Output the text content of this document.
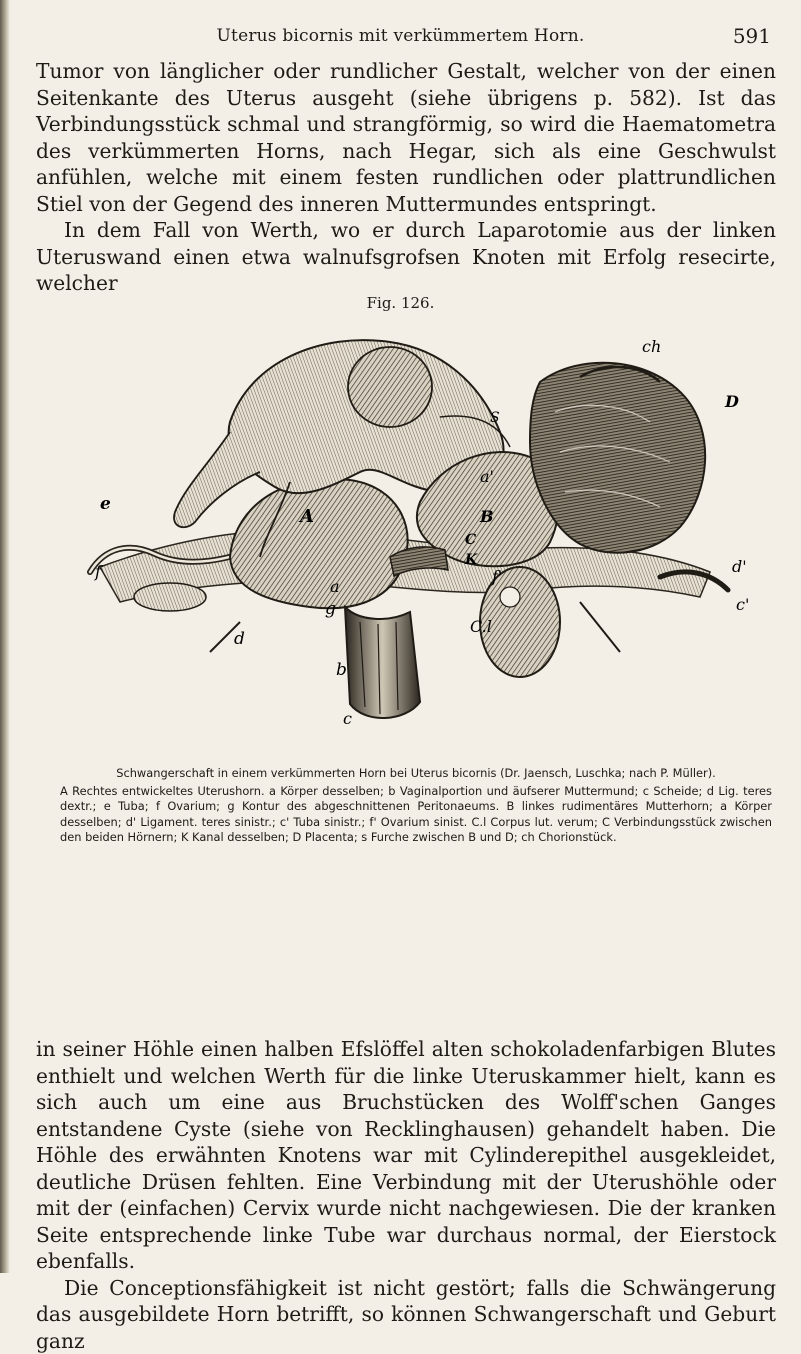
Uterus bicornis mit verkümmertem Horn.	591

Tumor von länglicher oder rundlicher Gestalt, welcher von der einen Seitenkante des Uterus ausgeht (siehe übrigens p. 582). Ist das Verbindungsstück schmal und strangförmig, so wird die Haematometra des verkümmerten Horns, nach Hegar, sich als eine Geschwulst anfühlen, welche mit einem festen rundlichen oder plattrundlichen Stiel von der Gegend des inneren Muttermundes entspringt.

In dem Fall von Werth, wo er durch Laparotomie aus der linken Uteruswand einen etwa walnufsgrofsen Knoten mit Erfolg resecirte, welcher

Fig. 126.
ch
D
S
a'
B
A
e
C
K
f	d'
f'
c'
a
g
d
C.l
b
c

Schwangerschaft in einem verkümmerten Horn bei Uterus bicornis (Dr. Jaensch, Luschka; nach P. Müller).

A Rechtes entwickeltes Uterushorn. a Körper desselben; b Vaginalportion und äufserer Muttermund; c Scheide; d Lig. teres dextr.; e Tuba; f Ovarium; g Kontur des abgeschnittenen Peritonaeums. B linkes rudimentäres Mutterhorn; a Körper desselben; d' Ligament. teres sinistr.; c' Tuba sinistr.; f' Ovarium sinist. C.l Corpus lut. verum; C Verbindungsstück zwischen den beiden Hörnern; K Kanal desselben; D Placenta; s Furche zwischen B und D; ch Chorionstück.

in seiner Höhle einen halben Efslöffel alten schokoladenfarbigen Blutes enthielt und welchen Werth für die linke Uteruskammer hielt, kann es sich auch um eine aus Bruchstücken des Wolff'schen Ganges entstandene Cyste (siehe von Recklinghausen) gehandelt haben. Die Höhle des erwähnten Knotens war mit Cylinderepithel ausgekleidet, deutliche Drüsen fehlten. Eine Verbindung mit der Uterushöhle oder mit der (einfachen) Cervix wurde nicht nachgewiesen. Die der kranken Seite entsprechende linke Tube war durchaus normal, der Eierstock ebenfalls.

Die Conceptionsfähigkeit ist nicht gestört; falls die Schwängerung das ausgebildete Horn betrifft, so können Schwangerschaft und Geburt ganz
